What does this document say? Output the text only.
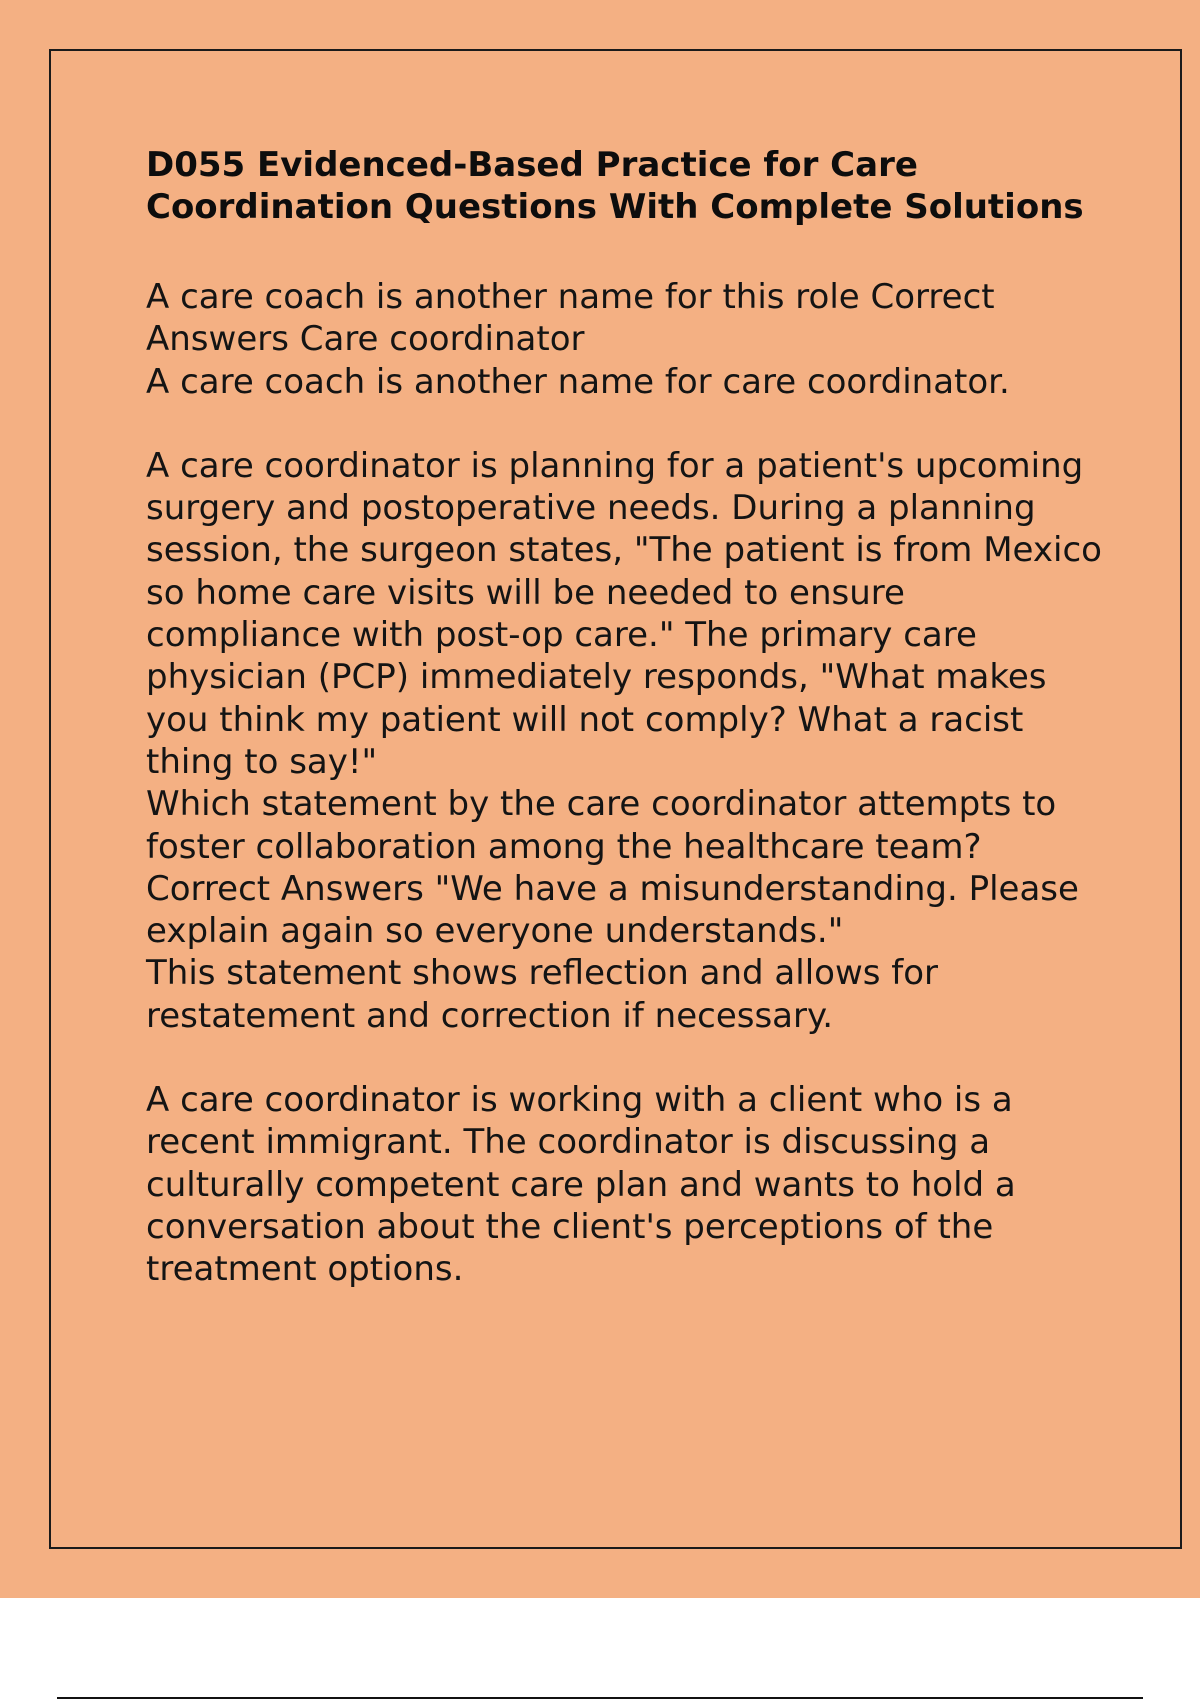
D055 Evidenced-Based Practice for Care Coordination Questions With Complete Solutions
A care coach is another name for this role Correct Answers Care coordinator
A care coach is another name for care coordinator.
A care coordinator is planning for a patient's upcoming surgery and postoperative needs. During a planning session, the surgeon states, "The patient is from Mexico so home care visits will be needed to ensure compliance with post-op care." The primary care physician (PCP) immediately responds, "What makes you think my patient will not comply? What a racist thing to say!"
Which statement by the care coordinator attempts to foster collaboration among the healthcare team? Correct Answers "We have a misunderstanding. Please explain again so everyone understands."
This statement shows reflection and allows for restatement and correction if necessary.
A care coordinator is working with a client who is a recent immigrant. The coordinator is discussing a culturally competent care plan and wants to hold a conversation about the client's perceptions of the treatment options.
